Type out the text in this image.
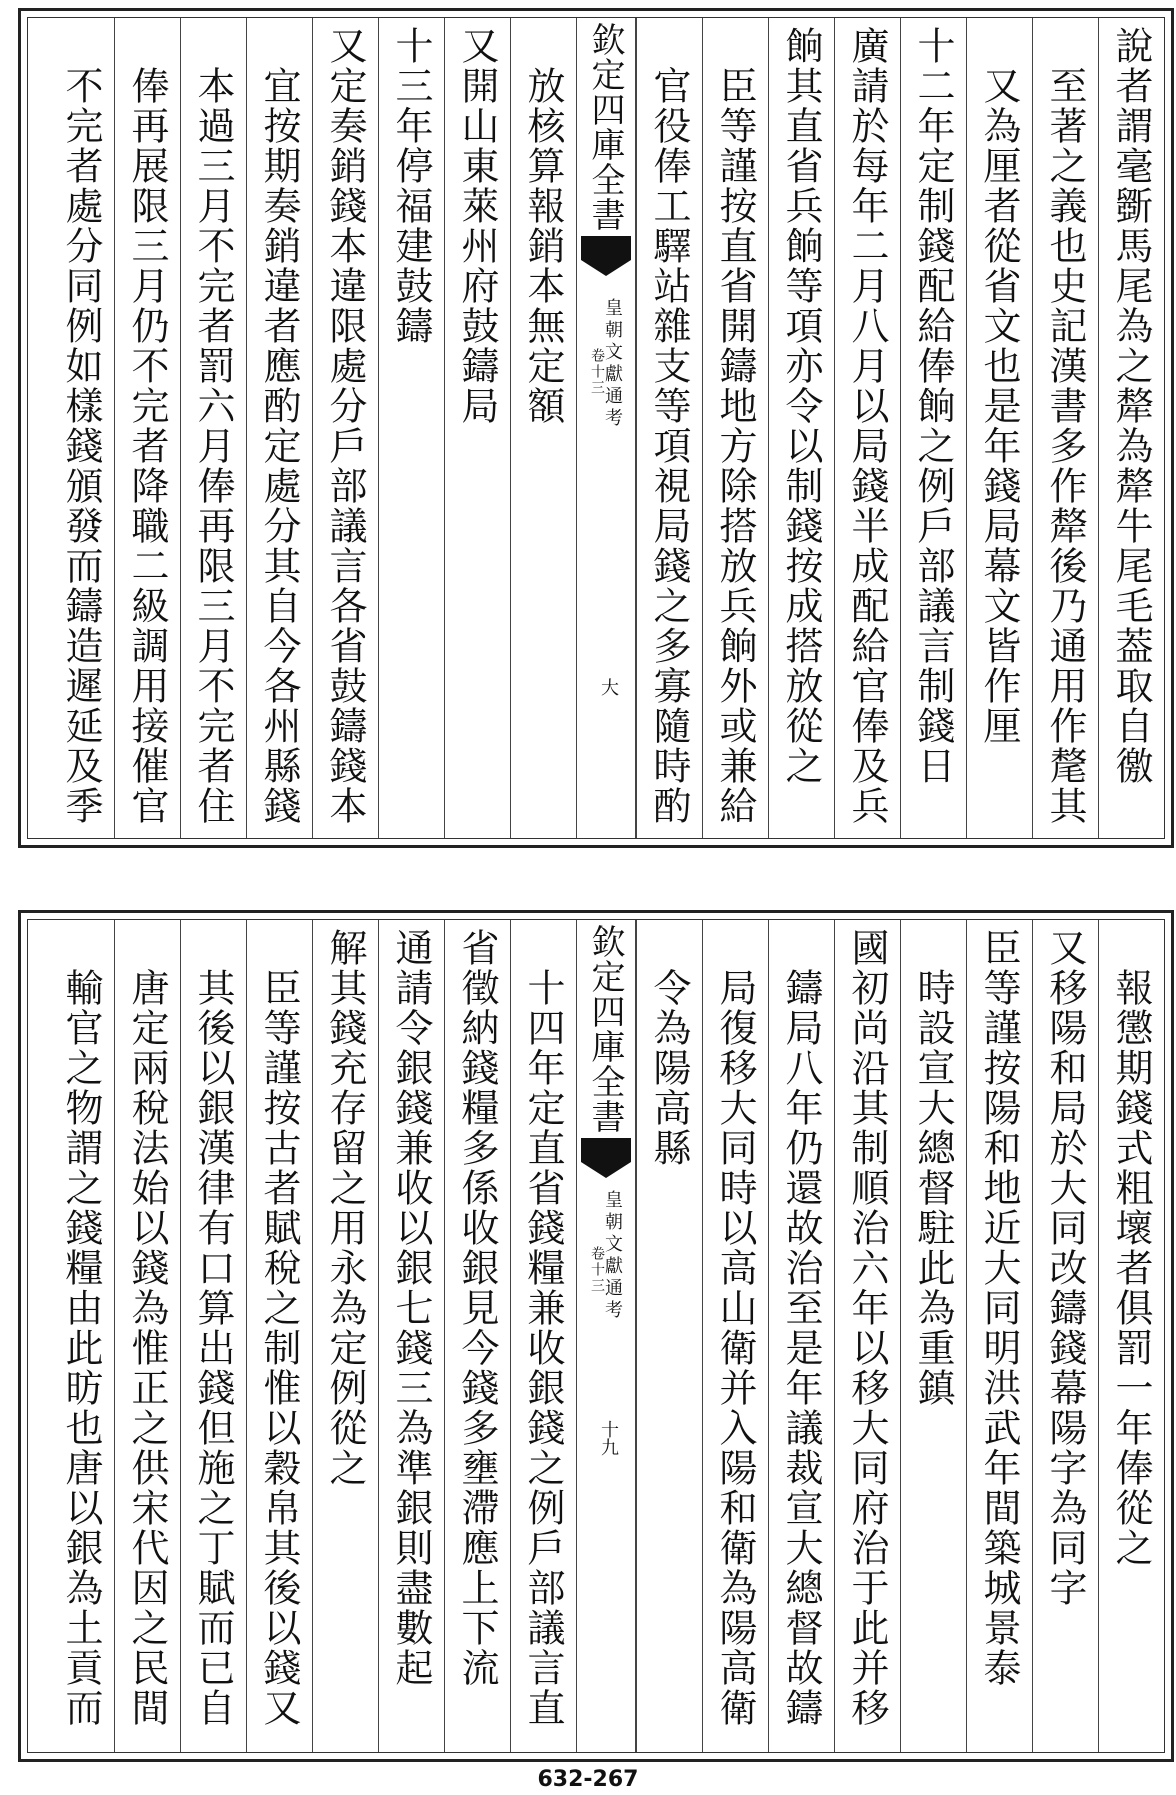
說者謂毫斵馬尾為之犛為犛牛尾毛葢取自徼
至著之義也史記漢書多作犛後乃通用作氂其
又為厘者從省文也是年錢局幕文皆作厘
十二年定制錢配給俸餉之例戶部議言制錢日
廣請於每年二月八月以局錢半成配給官俸及兵
餉其直省兵餉等項亦令以制錢按成搭放從之
臣等謹按直省開鑄地方除搭放兵餉外或兼給
欽定四庫全書
皇朝文獻通考
卷十三
大 官役俸工驛站雜支等項視局錢之多寡隨時酌
放核算報銷本無定額
又開山東萊州府鼓鑄局
十三年停福建鼓鑄
又定奏銷錢本違限處分戶部議言各省鼓鑄錢本
宜按期奏銷違者應酌定處分其自今各州縣錢
本過三月不完者罰六月俸再限三月不完者住
俸再展限三月仍不完者降職二級調用接催官
不完者處分同例如樣錢頒發而鑄造遲延及季
報懲期錢式粗壞者俱罰一年俸從之
又移陽和局於大同改鑄錢幕陽字為同字
臣等謹按陽和地近大同明洪武年間築城景泰
時設宣大總督駐此為重鎮
國初尚沿其制順治六年以移大同府治于此并移
鑄局八年仍還故治至是年議裁宣大總督故鑄
局復移大同時以高山衛并入陽和衛為陽高衛
令為陽高縣
欽定四庫全書
皇朝文獻通考
卷十三
十九
十四年定直省錢糧兼收銀錢之例戶部議言直
省徵納錢糧多係收銀見今錢多壅滯應上下流
通請令銀錢兼收以銀七錢三為準銀則盡數起
解其錢充存留之用永為定例從之
臣等謹按古者賦稅之制惟以穀帛其後以錢又
其後以銀漢律有口算出錢但施之丁賦而已自
唐定兩稅法始以錢為惟正之供宋代因之民間
輸官之物謂之錢糧由此昉也唐以銀為土貢而
632-267
